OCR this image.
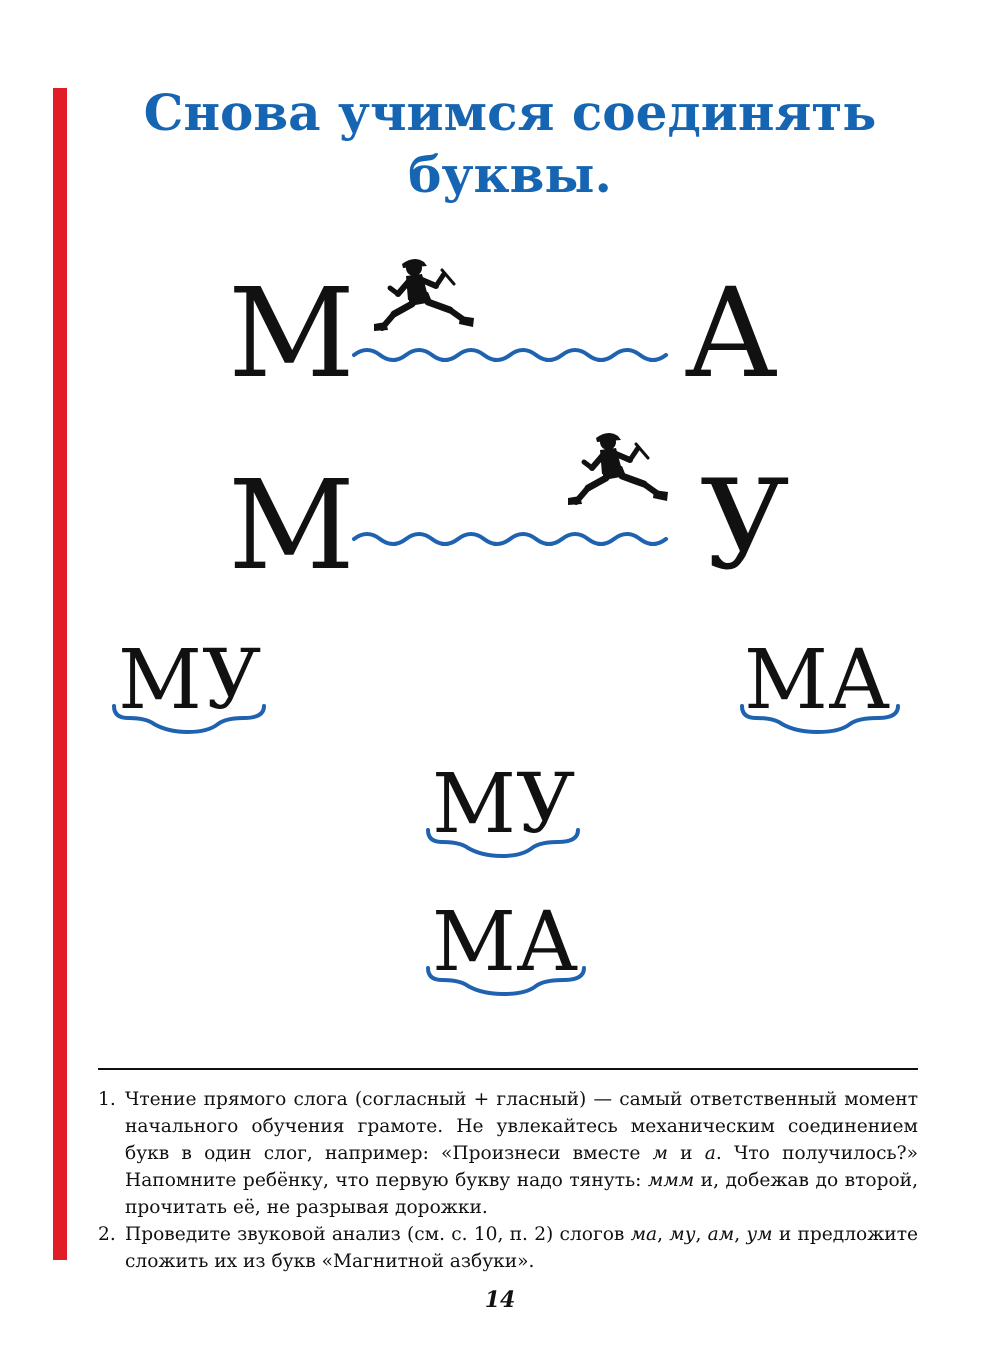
Снова учимся соединять
буквы.
М	А
М	У
МУ	МА
МУ
МА
1. Чтение прямого слога (согласный + гласный) — самый ответственный момент начального обучения грамоте. Не увлекайтесь механическим соединением букв в один слог, например: «Произнеси вместе м и а. Что получилось?» Напомните ребёнку, что первую букву надо тянуть: ммм и, добежав до второй, прочитать её, не разрывая дорожки.
2. Проведите звуковой анализ (см. с. 10, п. 2) слогов ма, му, ам, ум и предложите сложить их из букв «Магнитной азбуки».
14
